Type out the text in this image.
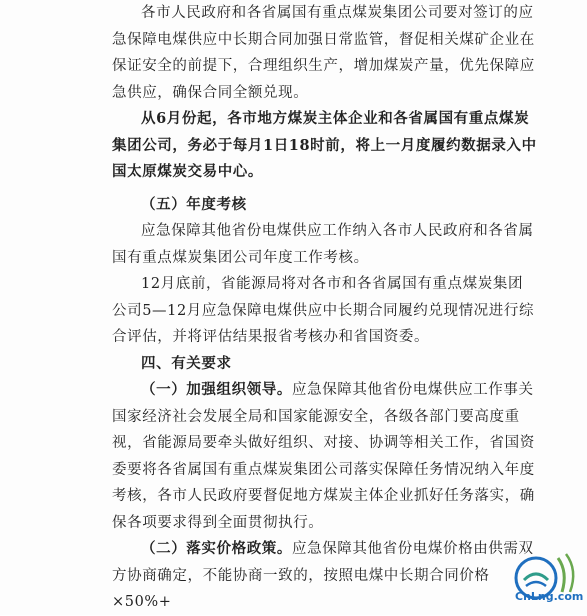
各市人民政府和各省属国有重点煤炭集团公司要对签订的应急保障电煤供应中长期合同加强日常监管，督促相关煤矿企业在保证安全的前提下，合理组织生产，增加煤炭产量，优先保障应急供应，确保合同全额兑现。

从6月份起，各市地方煤炭主体企业和各省属国有重点煤炭集团公司，务必于每月1日18时前，将上一月度履约数据录入中国太原煤炭交易中心。

（五）年度考核

应急保障其他省份电煤供应工作纳入各市人民政府和各省属国有重点煤炭集团公司年度工作考核。

12月底前，省能源局将对各市和各省属国有重点煤炭集团公司5—12月应急保障电煤供应中长期合同履约兑现情况进行综合评估，并将评估结果报省考核办和省国资委。

四、有关要求

（一）加强组织领导。应急保障其他省份电煤供应工作事关国家经济社会发展全局和国家能源安全，各级各部门要高度重视，省能源局要牵头做好组织、对接、协调等相关工作，省国资委要将各省属国有重点煤炭集团公司落实保障任务情况纳入年度考核，各市人民政府要督促地方煤炭主体企业抓好任务落实，确保各项要求得到全面贯彻执行。

（二）落实价格政策。应急保障其他省份电煤价格由供需双方协商确定，不能协商一致的，按照电煤中长期合同价格×50%+	CnLng.com
